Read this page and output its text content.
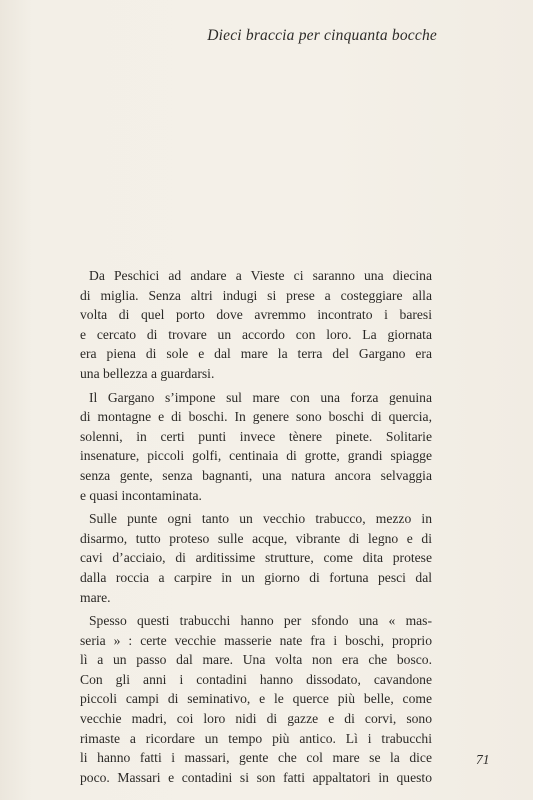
Dieci braccia per cinquanta bocche

Da Peschici ad andare a Vieste ci saranno una diecina
di miglia. Senza altri indugi si prese a costeggiare alla
volta di quel porto dove avremmo incontrato i baresi
e cercato di trovare un accordo con loro. La giornata
era piena di sole e dal mare la terra del Gargano era
una bellezza a guardarsi.

Il Gargano s’impone sul mare con una forza genuina
di montagne e di boschi. In genere sono boschi di quercia,
solenni, in certi punti invece tènere pinete. Solitarie
insenature, piccoli golfi, centinaia di grotte, grandi spiagge
senza gente, senza bagnanti, una natura ancora selvaggia
e quasi incontaminata.

Sulle punte ogni tanto un vecchio trabucco, mezzo in
disarmo, tutto proteso sulle acque, vibrante di legno e di
cavi d’acciaio, di arditissime strutture, come dita protese
dalla roccia a carpire in un giorno di fortuna pesci dal
mare.

Spesso questi trabucchi hanno per sfondo una « mas-
seria » : certe vecchie masserie nate fra i boschi, proprio
lì a un passo dal mare. Una volta non era che bosco.
Con gli anni i contadini hanno dissodato, cavandone
piccoli campi di seminativo, e le querce più belle, come
vecchie madri, coi loro nidi di gazze e di corvi, sono
rimaste a ricordare un tempo più antico. Lì i trabucchi
li hanno fatti i massari, gente che col mare se la dice
poco. Massari e contadini si son fatti appaltatori in questo

71
